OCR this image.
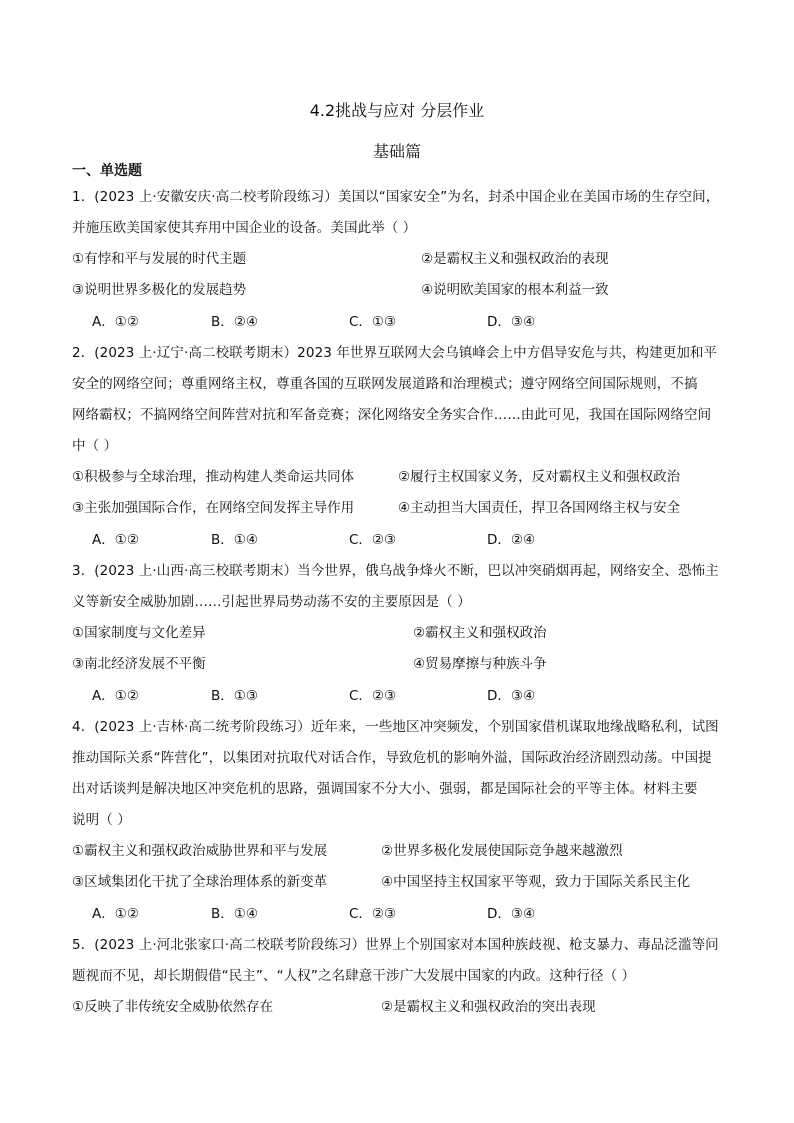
4.2挑战与应对 分层作业
基础篇
一、单选题
1．(2023 上·安徽安庆·高二校考阶段练习）美国以“国家安全”为名，封杀中国企业在美国市场的生存空间，
并施压欧美国家使其弃用中国企业的设备。美国此举（ ）
①有悖和平与发展的时代主题	②是霸权主义和强权政治的表现
③说明世界多极化的发展趋势	④说明欧美国家的根本利益一致
A．①②	B．②④	C．①③	D．③④
2．(2023 上·辽宁·高二校联考期末）2023 年世界互联网大会乌镇峰会上中方倡导安危与共，构建更加和平
安全的网络空间；尊重网络主权，尊重各国的互联网发展道路和治理模式；遵守网络空间国际规则，不搞
网络霸权；不搞网络空间阵营对抗和军备竞赛；深化网络安全务实合作……由此可见，我国在国际网络空间
中（ ）
①积极参与全球治理，推动构建人类命运共同体	②履行主权国家义务，反对霸权主义和强权政治
③主张加强国际合作，在网络空间发挥主导作用	④主动担当大国责任，捍卫各国网络主权与安全
A．①②	B．①④	C．②③	D．②④
3．(2023 上·山西·高三校联考期末）当今世界，俄乌战争烽火不断，巴以冲突硝烟再起，网络安全、恐怖主
义等新安全威胁加剧……引起世界局势动荡不安的主要原因是（ ）
①国家制度与文化差异	②霸权主义和强权政治
③南北经济发展不平衡	④贸易摩擦与种族斗争
A．①②	B．①③	C．②③	D．③④
4．(2023 上·吉林·高二统考阶段练习）近年来，一些地区冲突频发，个别国家借机谋取地缘战略私利，试图
推动国际关系“阵营化”，以集团对抗取代对话合作，导致危机的影响外溢，国际政治经济剧烈动荡。中国提
出对话谈判是解决地区冲突危机的思路，强调国家不分大小、强弱，都是国际社会的平等主体。材料主要
说明（ ）
①霸权主义和强权政治威胁世界和平与发展	②世界多极化发展使国际竞争越来越激烈
③区域集团化干扰了全球治理体系的新变革	④中国坚持主权国家平等观，致力于国际关系民主化
A．①②	B．①④	C．②③	D．③④
5．(2023 上·河北张家口·高二校联考阶段练习）世界上个别国家对本国种族歧视、枪支暴力、毒品泛滥等问
题视而不见，却长期假借“民主”、“人权”之名肆意干涉广大发展中国家的内政。这种行径（ ）
①反映了非传统安全威胁依然存在	②是霸权主义和强权政治的突出表现
